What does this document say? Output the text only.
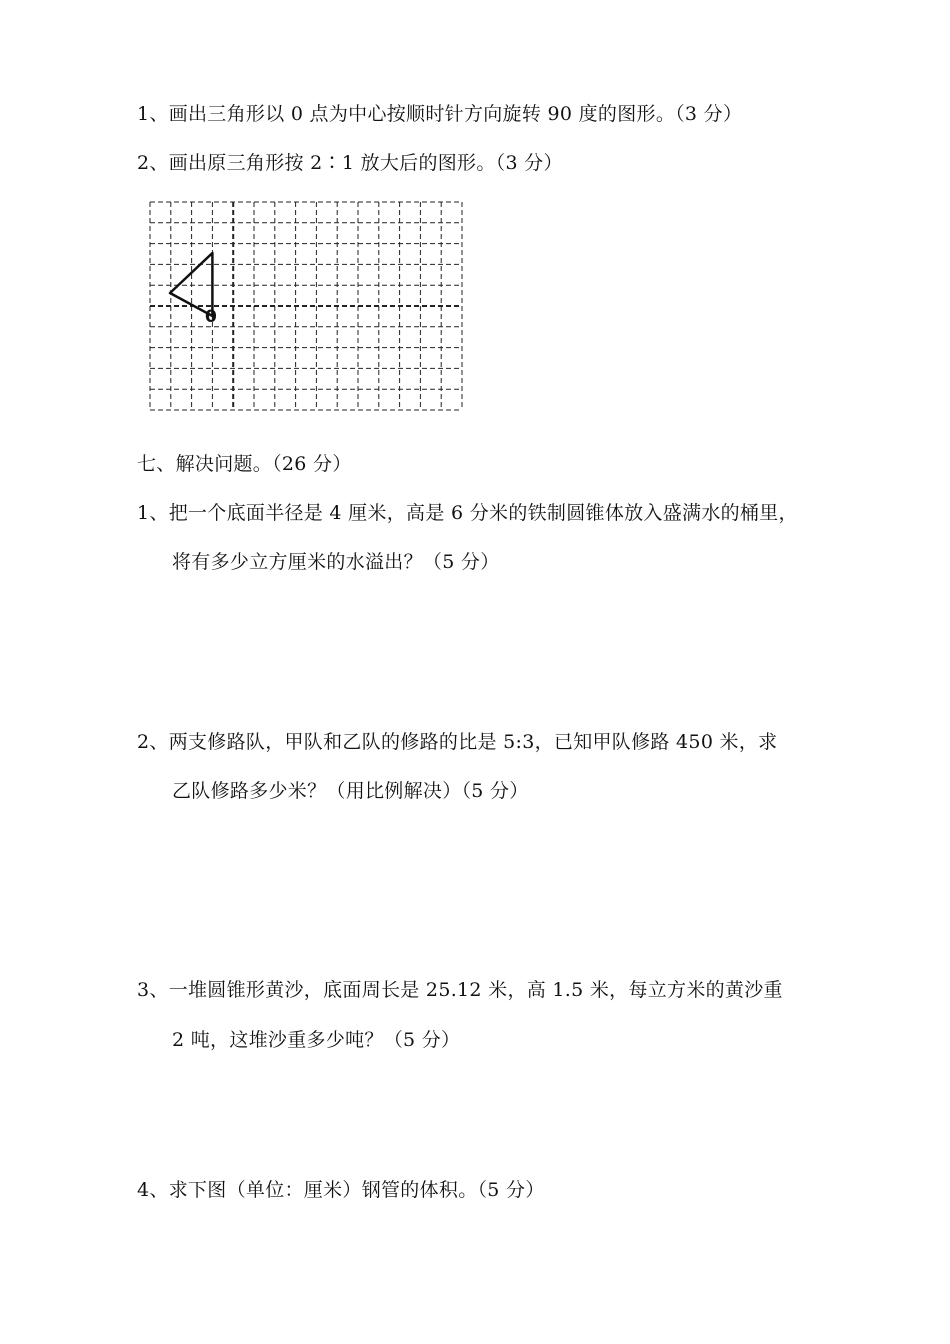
1、画出三角形以 0 点为中心按顺时针方向旋转 90 度的图形。（3 分）
2、画出原三角形按 2∶1 放大后的图形。（3 分）
0
七、解决问题。（26 分）
1、把一个底面半径是 4 厘米，高是 6 分米的铁制圆锥体放入盛满水的桶里，
将有多少立方厘米的水溢出？（5 分）
2、两支修路队，甲队和乙队的修路的比是 5:3，已知甲队修路 450 米，求
乙队修路多少米？（用比例解决）（5 分）
3、一堆圆锥形黄沙，底面周长是 25.12 米，高 1.5 米，每立方米的黄沙重
2 吨，这堆沙重多少吨？（5 分）
4、求下图（单位：厘米）钢管的体积。（5 分）
